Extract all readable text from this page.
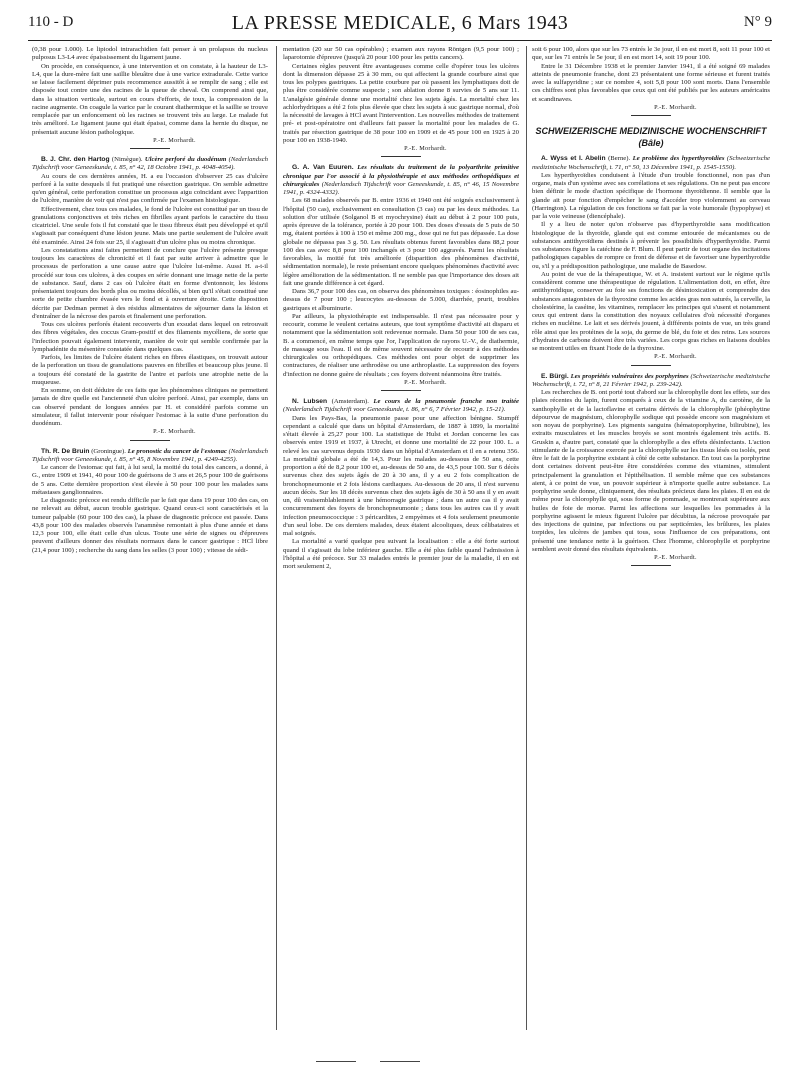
110 - D	LA PRESSE MEDICALE, 6 Mars 1943	N° 9

(0,38 pour 1.000). Le lipiodol intrarachidien fait penser à un prolapsus du nucleus pulposus L3-L4 avec épaississement du ligament jaune.

On procède, en conséquence, à une intervention et on constate, à la hauteur de L3-L4, que la dure-mère fait une saillie bleuâtre due à une varice extradurale. Cette varice se laisse facilement déprimer puis recommence aussitôt à se remplir de sang ; elle est disposée tout contre une des racines de la queue de cheval. On comprend ainsi que, dans la situation verticale, surtout en cours d'efforts, de toux, la compression de la racine augmente. On coagule la varice par le courant diathermique et la saillie se trouve remplacée par un enfoncement où les racines se trouvent très au large. Le malade fut très amélioré. Le ligament jaune qui était épaissi, comme dans la hernie du disque, ne présentait aucune lésion pathologique.

P.-E. Morhardt.

B. J. Chr. den Hartog (Nimègue). Ulcère perforé du duodénum (Nederlandsch Tijdschrift voor Geneeskunde, t. 85, n° 42, 18 Octobre 1941, p. 4048-4054).

Au cours de ces dernières années, H. a eu l'occasion d'observer 25 cas d'ulcère perforé à la suite desquels il fut pratiqué une résection gastrique. On semble admettre qu'en général, cette perforation constitue un processus aigu coïncidant avec l'apparition de l'ulcère, manière de voir qui n'est pas confirmée par l'examen histologique.

Effectivement, chez tous ces malades, le fond de l'ulcère est constitué par un tissu de granulations conjonctives et très riches en fibrilles ayant parfois le caractère du tissu cicatriciel. Une seule fois il fut constaté que le tissu fibreux était peu développé et qu'il s'agissait par conséquent d'une lésion jeune. Mais une partie seulement de l'ulcère avait été examinée. Ainsi 24 fois sur 25, il s'agissait d'un ulcère plus ou moins chronique.

Les constatations ainsi faites permettent de conclure que l'ulcère présente presque toujours les caractères de chronicité et il faut par suite arriver à admettre que le processus de perforation a une cause autre que l'ulcère lui-même. Aussi H. a-t-il procédé sur tous ces ulcères, à des coupes en série donnant une image nette de la perte de substance. Sauf, dans 2 cas où l'ulcère était en forme d'entonnoir, les lésions présentaient toujours des bords plus ou moins décollés, si bien qu'il s'était constitué une sorte de petite chambre évasée vers le fond et à ouverture étroite. Cette disposition décrite par Dedman permet à des résidus alimentaires de séjourner dans la lésion et d'entraîner de la nécrose des parois et finalement une perforation.

Tous ces ulcères perforés étaient recouverts d'un exsudat dans lequel on retrouvait des fibres végétales, des coccus Gram-positif et des filaments mycéliens, de sorte que l'infection pouvait également intervenir, manière de voir qui semble confirmée par la lymphadénite du mésentère constatée dans quelques cas.

Parfois, les limites de l'ulcère étaient riches en fibres élastiques, on trouvait autour de la perforation un tissu de granulations pauvres en fibrilles et beaucoup plus jeune. Il a toujours été constaté de la gastrite de l'antre et parfois une atrophie nette de la muqueuse.

En somme, on doit déduire de ces faits que les phénomènes cliniques ne permettent jamais de dire quelle est l'ancienneté d'un ulcère perforé. Ainsi, par exemple, dans un cas observé pendant de longues années par H. et considéré parfois comme un simulateur, il fallut intervenir pour réséquer l'estomac à la suite d'une perforation du duodénum.

P.-E. Morhardt.

Th. R. De Bruin (Groningue). Le pronostic du cancer de l'estomac (Nederlandsch Tijdschrift voor Geneeskunde, t. 85, n° 45, 8 Novembre 1941, p. 4249-4255).

Le cancer de l'estomac qui fait, à lui seul, la moitié du total des cancers, a donné, à G., entre 1909 et 1941, 40 pour 100 de guérisons de 3 ans et 26,5 pour 100 de guérisons de 5 ans. Cette dernière proportion s'est élevée à 50 pour 100 pour les malades sans métastases ganglionnaires.

Le diagnostic précoce est rendu difficile par le fait que dans 19 pour 100 des cas, on ne relevait au début, aucun trouble gastrique. Quand ceux-ci sont caractérisés et la tumeur palpable (60 pour 100 des cas), la phase de diagnostic précoce est passée. Dans 43,8 pour 100 des malades observés l'anamnèse remontait à plus d'une année et dans 12,3 pour 100, elle était celle d'un ulcus. Toute une série de signes ou d'épreuves peuvent d'ailleurs donner des résultats normaux dans le cancer gastrique : HCl libre (21,4 pour 100) ; recherche du sang dans les selles (3 pour 100) ; vitesse de sédi-

mentation (20 sur 50 cas opérables) ; examen aux rayons Röntgen (9,5 pour 100) ; laparotomie d'épreuve (jusqu'à 20 pour 100 pour les petits cancers).

Certaines règles peuvent être avantageuses comme celle d'opérer tous les ulcères dont la dimension dépasse 25 à 30 mm, ou qui affectent la grande courbure ainsi que tous les polypes gastriques. La petite courbure par où passent les lymphatiques doit de plus être considérée comme suspecte ; son ablation donne 8 survies de 5 ans sur 11. L'analgésie générale donne une mortalité chez les sujets âgés. La mortalité chez les achlorhydriques a été 2 fois plus élevée que chez les sujets à suc gastrique normal, d'où la nécessité de lavages à HCl avant l'intervention. Les nouvelles méthodes de traitement pré- et post-opératoire ont d'ailleurs fait passer la mortalité pour les malades de G. traités par résection gastrique de 38 pour 100 en 1909 et de 45 pour 100 en 1925 à 20 pour 100 en 1938-1940.

P.-E. Morhardt.

G. A. Van Euuren. Les résultats du traitement de la polyarthrite primitive chronique par l'or associé à la physiothérapie et aux méthodes orthopédiques et chirurgicales (Nederlandsch Tijdschrift voor Geneeskunde, t. 85, n° 46, 15 Novembre 1941, p. 4324-4332).

Les 68 malades observés par B. entre 1936 et 1940 ont été soignés exclusivement à l'hôpital (50 cas), exclusivement en consultation (3 cas) ou par les deux méthodes. La solution d'or utilisée (Solganol B et myochrysine) était au début à 2 pour 100 puis, après épreuve de la tolérance, portée à 20 pour 100. Des doses d'essais de 5 puis de 50 mg, étaient portées à 100 à 150 et même 200 mg., dose qui ne fut pas dépassée. La dose globale ne dépassa pas 3 g. 50. Les résultats obtenus furent favorables dans 88,2 pour 100 des cas avec 8,8 pour 100 inchangés et 3 pour 100 aggravés. Parmi les résultats favorables, la moitié fut très améliorée (disparition des phénomènes d'activité, sédimentation normale), le reste présentant encore quelques phénomènes d'activité avec légère amélioration de la sédimentation. Il ne semble pas que l'importance des doses ait fait une grande différence à cet égard.

Dans 36,7 pour 100 des cas, on observa des phénomènes toxiques : éosinophiles au-dessus de 7 pour 100 ; leucocytes au-dessous de 5.000, diarrhée, prurit, troubles gastriques et albuminurie.

Par ailleurs, la physiothérapie est indispensable. Il n'est pas nécessaire pour y recourir, comme le veulent certains auteurs, que tout symptôme d'activité ait disparu et notamment que la sédimentation soit redevenue normale. Dans 50 pour 100 de ses cas, B. a commencé, en même temps que l'or, l'application de rayons U.-V., de diathermie, de massage sous l'eau. Il est de même souvent nécessaire de recourir à des méthodes chirurgicales ou orthopédiques. Ces méthodes ont pour objet de supprimer les contractures, de réaliser une arthrodèse ou une arthroplastie. La suppression des foyers d'infection ne donne guère de résultats ; ces foyers doivent néanmoins être traités.

P.-E. Morhardt.

N. Lubsen (Amsterdam). Le cours de la pneumonie franche non traitée (Nederlandsch Tijdschrift voor Geneeskunde, t. 86, n° 6, 7 Février 1942, p. 15-21).

Dans les Pays-Bas, la pneumonie passe pour une affection bénigne. Stumpff cependant a calculé que dans un hôpital d'Amsterdam, de 1887 à 1899, la mortalité s'était élevée à 25,27 pour 100. La statistique de Hulst et Jordan concerne les cas observés entre 1919 et 1937, à Utrecht, et donne une mortalité de 22 pour 100. L. a relevé les cas survenus depuis 1930 dans un hôpital d'Amsterdam et il en a retenu 356. La mortalité globale a été de 14,3. Pour les malades au-dessous de 50 ans, cette proportion a été de 8,2 pour 100 et, au-dessus de 50 ans, de 43,5 pour 100. Sur 6 décès survenus chez des sujets âgés de 20 à 30 ans, il y a eu 2 fois complication de bronchopneumonie et 2 fois lésions cardiaques. Au-dessous de 20 ans, il n'est survenu aucun décès. Sur les 18 décès survenus chez des sujets âgés de 30 à 50 ans il y en avait un, dû vraisemblablement à une hémorragie gastrique ; dans un autre cas il y avait concurremment des foyers de bronchopneumonie ; dans tous les autres cas il y avait infection pneumococcique : 3 péricardites, 2 empyèmes et 4 fois seulement pneumonie d'un seul lobe. De ces derniers malades, deux étaient alcooliques, deux célibataires et mal soignés.

La mortalité a varié quelque peu suivant la localisation : elle a été forte surtout quand il s'agissait du lobe inférieur gauche. Elle a été plus faible quand l'admission à l'hôpital a été précoce. Sur 33 malades entrés le premier jour de la maladie, il en est mort seulement 2,

soit 6 pour 100, alors que sur les 73 entrés le 3e jour, il en est mort 8, soit 11 pour 100 et que, sur les 71 entrés le 5e jour, il en est mort 14, soit 19 pour 100.

Entre le 31 Décembre 1938 et le premier Janvier 1941, il a été soigné 69 malades atteints de pneumonie franche, dont 23 présentaient une forme sérieuse et furent traités avec la sulfapyridine ; sur ce nombre 4, soit 5,8 pour 100 sont morts. Dans l'ensemble ces chiffres sont plus favorables que ceux qui ont été publiés par les auteurs américains et scandinaves.

P.-E. Morhardt.

SCHWEIZERISCHE MEDIZINISCHE WOCHENSCHRIFT
(Bâle)

A. Wyss et I. Abelin (Berne). Le problème des hyperthyroïdies (Schweizerische medizinische Wochenschrift, t. 71, n° 50, 13 Décembre 1941, p. 1545-1550).

Les hyperthyroïdies conduisent à l'étude d'un trouble fonctionnel, non pas d'un organe, mais d'un système avec ses corrélations et ses régulations. On ne peut pas encore bien définir le mode d'action spécifique de l'hormone thyroïdienne. Il semble que la glande ait pour fonction d'empêcher le sang d'accéder trop violemment au cerveau (Harrington). La régulation de ces fonctions se fait par la voie humorale (hypophyse) et par la voie veineuse (diencéphale).

Il y a lieu de noter qu'on n'observe pas d'hyperthyroïdie sans modification histologique de la thyroïde, glande qui est comme entourée de mécanismes ou de substances antithyroïdiens destinés à prévenir les possibilités d'hyperthyroïdie. Parmi ces substances figure la catéchine de F. Blum. Il peut partir de tout organe des incitations pathologiques capables de rompre ce front de défense et de favoriser une hyperthyroïdie ou, s'il y a prédisposition pathologique, une maladie de Basedow.

Au point de vue de la thérapeutique, W. et A. insistent surtout sur le régime qu'ils considèrent comme une thérapeutique de régulation. L'alimentation doit, en effet, être antithyroïdique, conserver au foie ses fonctions de désintoxication et comprendre des substances antagonistes de la thyroxine comme les acides gras non saturés, la cervelle, la cholestérine, la caséine, les vitamines, remplacer les principes qui s'usent et notamment ceux qui entrent dans la constitution des noyaux cellulaires d'où nécessité d'organes riches en nucléine. Le lait et ses dérivés jouent, à différents points de vue, un très grand rôle ainsi que les protéines de la soja, du germe de blé, du foie et des reins. Les sources d'hydrates de carbone doivent être très variées. Les corps gras riches en liaisons doubles se montrent utiles en fixant l'iode de la thyroxine.

P.-E. Morhardt.

E. Bürgi. Les propriétés vulnéraires des porphyrines (Schweizerische medizinische Wochenschrift, t. 72, n° 8, 21 Février 1942, p. 239-242).

Les recherches de B. ont porté tout d'abord sur la chlorophylle dont les effets, sur des plaies récentes du lapin, furent comparés à ceux de la vitamine A, du carotène, de la xanthophylle et de la lactoflavine et certains dérivés de la chlorophylle (phéophytine dépourvue de magnésium, chlorophylle sodique qui possède encore son magnésium et son noyau de porphyrine). Les pigments sanguins (hématoporphyrine, bilirubine), les extraits musculaires et les muscles broyés se sont montrés également très actifs. B. Gruskin a, d'autre part, constaté que la chlorophylle a des effets désinfectants. L'action stimulante de la croissance exercée par la chlorophylle sur les tissus lésés ou isolés, peut être le fait de la porphyrine existant à côté de cette substance. En tout cas la porphyrine dont certaines doivent peut-être être considérées comme des vitamines, stimulent principalement la granulation et l'épithélisation. Il semble même que ces substances aient, à ce point de vue, un pouvoir supérieur à n'importe quelle autre substance. La porphyrine seule donne, cliniquement, des résultats précieux dans les plaies. Il en est de même pour la chlorophylle qui, sous forme de pommade, se montrerait supérieure aux huiles de foie de morue. Parmi les affections sur lesquelles les pommades à la porphyrine agissent le mieux figurent l'ulcère par décubitus, la nécrose provoquée par des injections de quinine, par infections ou par septicémies, les brûlures, les plaies torpides, les ulcères de jambes qui tous, sous l'influence de ces préparations, ont présenté une tendance nette à la guérison. Chez l'homme, chlorophylle et porphyrine semblent avoir donné des résultats équivalents.

P.-E. Morhardt.
